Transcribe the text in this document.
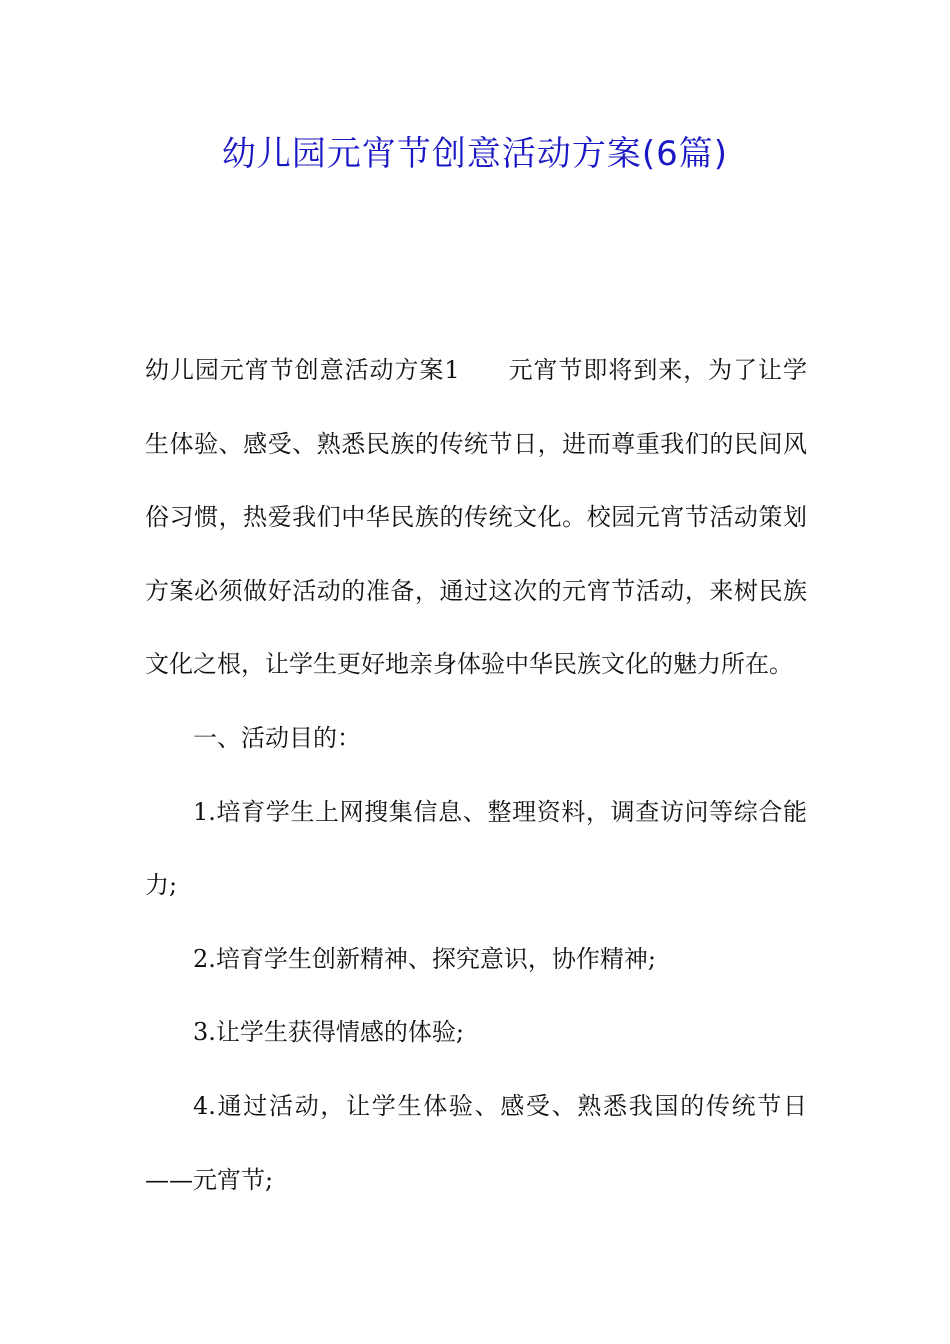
幼儿园元宵节创意活动方案(6篇)

幼儿园元宵节创意活动方案1 元宵节即将到来，为了让学生体验、感受、熟悉民族的传统节日，进而尊重我们的民间风俗习惯，热爱我们中华民族的传统文化。校园元宵节活动策划方案必须做好活动的准备，通过这次的元宵节活动，来树民族文化之根，让学生更好地亲身体验中华民族文化的魅力所在。

一、活动目的：

1.培育学生上网搜集信息、整理资料，调查访问等综合能力;

2.培育学生创新精神、探究意识，协作精神;

3.让学生获得情感的体验;

4.通过活动，让学生体验、感受、熟悉我国的传统节日——元宵节;
